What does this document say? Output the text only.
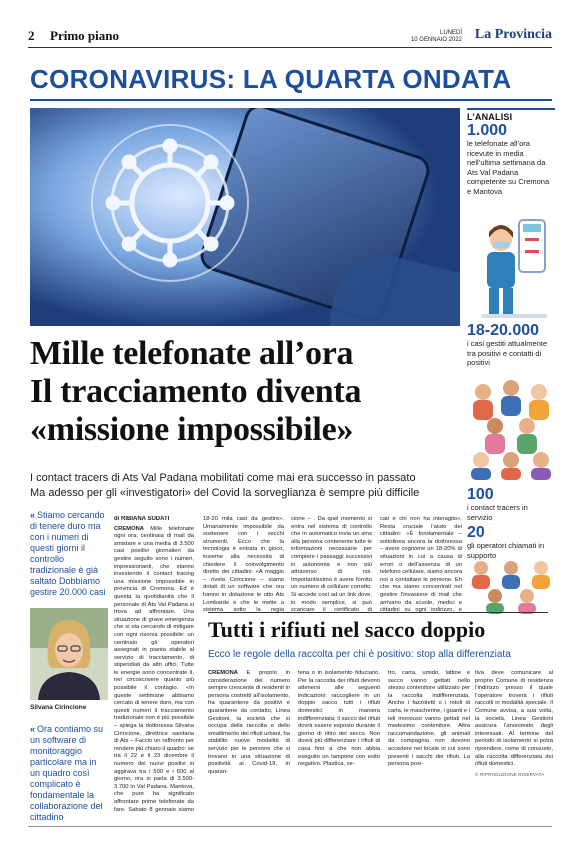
2 Primo piano	LUNEDÌ
10 GENNAIO 2022 La Provincia
CORONAVIRUS: LA QUARTA ONDATA
L’ANALISI
1.000
le telefonate all’ora ricevute in media nell’ultima settimana da Ats Val Padana competente su Cremona e Mantova
18-20.000
i casi gestiti attualmente tra positivi e contatti di positivi
100
i contact tracers in servizio
20
gli operatori chiamati in supporto
Mille telefonate all’ora
Il tracciamento diventa
«missione impossibile»
I contact tracers di Ats Val Padana mobilitati come mai era successo in passato
Ma adesso per gli «investigatori» del Covid la sorveglianza è sempre più difficile
« Stiamo cercando di tenere duro ma con i numeri di questi giorni il controllo tradizionale è già saltato Dobbiamo gestire 20.000 casi
Silvana Cirincione
« Ora contiamo su un software di monitoraggio particolare ma in un quadro così complicato è fondamentale la collaborazione del cittadino
di RIBIANA SUDATI
CREMONA Mille telefonate ogni ora; centinaia di mail da smistare e una media di 3.500 casi positivi giornalieri da gestire seguito sono i numeri, impressionanti, che stanno investendo il contact tracing una missione impossibile in provincia di Cremona. Ed è questa la quotidianità che il personale di Ats Val Padana si trova ad affrontare. Una situazione di grave emergenza che si sta cercando di mitigare con ogni risorsa possibile: un centinaio gli operatori assegnati in pianta stabile al servizio di tracciamento, di stipendiati da altri uffici. Tutte le energie sono concentrate lì, nel circoscrivere quanto più possibile il contagio. «In queste settimane abbiamo cercato di tenere duro, ma con questi numeri il tracciamento tradizionale non è più possibile – spiega la dottoressa Silvana Cirincione, direttrice sanitaria di Ats – Faccio un raffronto per rendere più chiaro il quadro: se tra il 22 e il 23 dicembre il numero dei nuovi positivi si aggirava tra i 500 e i 600 al giorno, ora si parla di 3.500-3.700 in Val Padana. Mantova, che pure ha significato affrontare prime telefonate da fare. Sabato 8 gennaio siamo
18-20 mila casi da gestire». Umanamente impossibile da sostenere con i vecchi strumenti. Ecco che la tecnologia è entrata in gioco, insieme alla necessità di chiedere il coinvolgimento diretto dei cittadini: «A maggio – rivela Cirincione – siamo dotati di un software che ora hanno in dotazione le otto Ats Lombarde e che le mette a sistema sotto la regia
cione – . Da quel momento si entra nel sistema di controllo che in automatico invia un sms alla persona contenente tutte le informazioni necessarie per compiere i passaggi successivi in autonomia e non più attraverso di noi. Importantissimo è avere fornito un numero di cellulare corretto. Si accede così ad un link dove, in modo semplice, si può scaricare il certificato di
cati e chi non ha interagito». Resta cruciale l’aiuto dei cittadini: «È fondamentale – sottolinea ancora la dottoressa – avere cognome un 18-20% di situazioni in cui a causa di errori o dell’assenza di un telefono cellulare, siamo ancora noi a contattare le persone. Eh che ma siamo concentrati nel gestire l’invasione di mail che arrivano da scuole, medici e cittadini su ogni indirizzo, e
Tutti i rifiuti nel sacco doppio
Ecco le regole della raccolta per chi è positivo: stop alla differenziata
CREMONA È proprio in considerazione del numero sempre crescente di residenti in persona costretti all’isolamento, fra quarantene da positivi e quarantene da contatto, Linea Gestioni, la società che si occupa della raccolta e dello smaltimento dei rifiuti urbani, ha stabilito nuove modalità di servizio per le persone che si trovano in una situazione di positività al Covid-19, in quaran-
tena o in isolamento fiduciario. Per la raccolta dei rifiuti devono attenersi alle seguenti indicazioni: raccogliere in un doppio sacco tutti i rifiuti domestici in maniera indifferenziata; il sacco dei rifiuti dovrà essere esposto durante il giorno di ritiro del secco. Non dovrà più differenziare i rifiuti di casa fino a che non abbia eseguito un tampone con esito negativo. Plastica, ve-
tro, carta, umido, lattine e secco vanno gettati nello stesso contenitore utilizzato per la raccolta indifferenziata. Anche i fazzoletti o i rotoli di carta, le mascherine, i guanti e i teli monouso vanno gettati nel medesimo contenitore. Altra raccomandazione, gli animali da compagnia non devono accedere nel locale in cui sono presenti i sacchi dei rifiuti. La persona posi-
tiva deve comunicare al proprio Comune di residenza l’indirizzo presso il quale l’operatore troverà i rifiuti raccolti in modalità speciale. Il Comune avvisa, a sua volta, la società. Linea Gestioni assicura l’anonimato degli interessati. Al termine del periodo di isolamento si potrà riprendere, come di consueto, alla raccolta differenziata dei rifiuti domestici.
© RIPRODUZIONE RISERVATA
